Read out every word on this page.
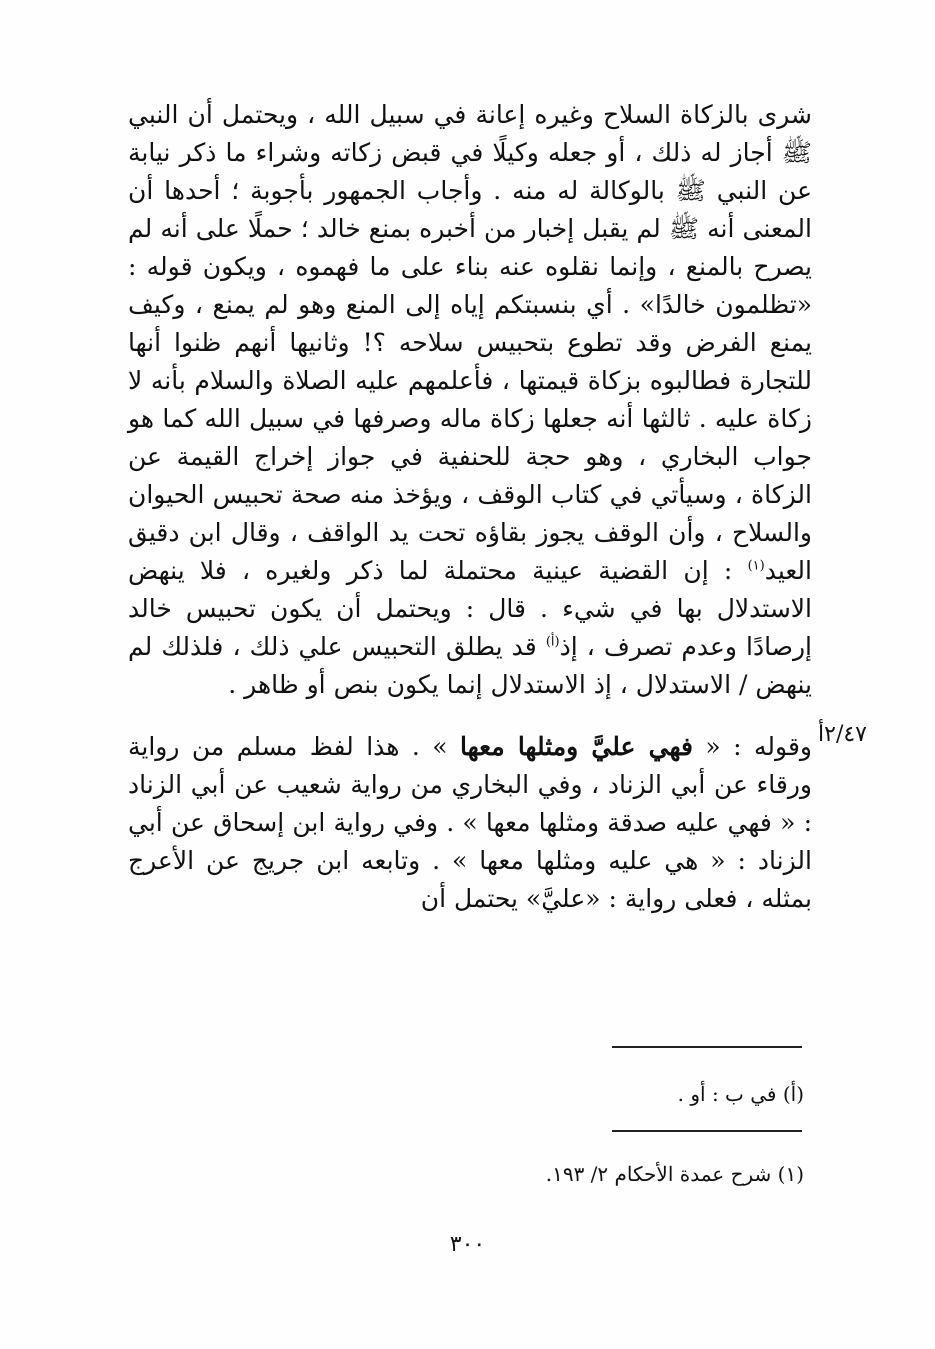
شرى بالزكاة السلاح وغيره إعانة في سبيل الله ، ويحتمل أن النبي ﷺ أجاز له ذلك ، أو جعله وكيلًا في قبض زكاته وشراء ما ذكر نيابة عن النبي ﷺ بالوكالة له منه . وأجاب الجمهور بأجوبة ؛ أحدها أن المعنى أنه ﷺ لم يقبل إخبار من أخبره بمنع خالد ؛ حملًا على أنه لم يصرح بالمنع ، وإنما نقلوه عنه بناء على ما فهموه ، ويكون قوله : «تظلمون خالدًا» . أي بنسبتكم إياه إلى المنع وهو لم يمنع ، وكيف يمنع الفرض وقد تطوع بتحبيس سلاحه ؟! وثانيها أنهم ظنوا أنها للتجارة فطالبوه بزكاة قيمتها ، فأعلمهم عليه الصلاة والسلام بأنه لا زكاة عليه . ثالثها أنه جعلها زكاة ماله وصرفها في سبيل الله كما هو جواب البخاري ، وهو حجة للحنفية في جواز إخراج القيمة عن الزكاة ، وسيأتي في كتاب الوقف ، ويؤخذ منه صحة تحبيس الحيوان والسلاح ، وأن الوقف يجوز بقاؤه تحت يد الواقف ، وقال ابن دقيق العيد$^{(١)}$ : إن القضية عينية محتملة لما ذكر ولغيره ، فلا ينهض الاستدلال بها في شيء . قال : ويحتمل أن يكون تحبيس خالد إرصادًا وعدم تصرف ، إذ$^{(أ)}$ قد يطلق التحبيس علي ذلك ، فلذلك لم ينهض / الاستدلال ، إذ الاستدلال إنما يكون بنص أو ظاهر .

وقوله : « فهي عليَّ ومثلها معها » . هذا لفظ مسلم من رواية ورقاء عن أبي الزناد ، وفي البخاري من رواية شعيب عن أبي الزناد : « فهي عليه صدقة ومثلها معها » . وفي رواية ابن إسحاق عن أبي الزناد : « هي عليه ومثلها معها » . وتابعه ابن جريج عن الأعرج بمثله ، فعلى رواية : «عليَّ» يحتمل أن

٢/٤٧أ
(أ) في ب : أو .
(١) شرح عمدة الأحكام ٢/ ١٩٣.
٣٠٠
